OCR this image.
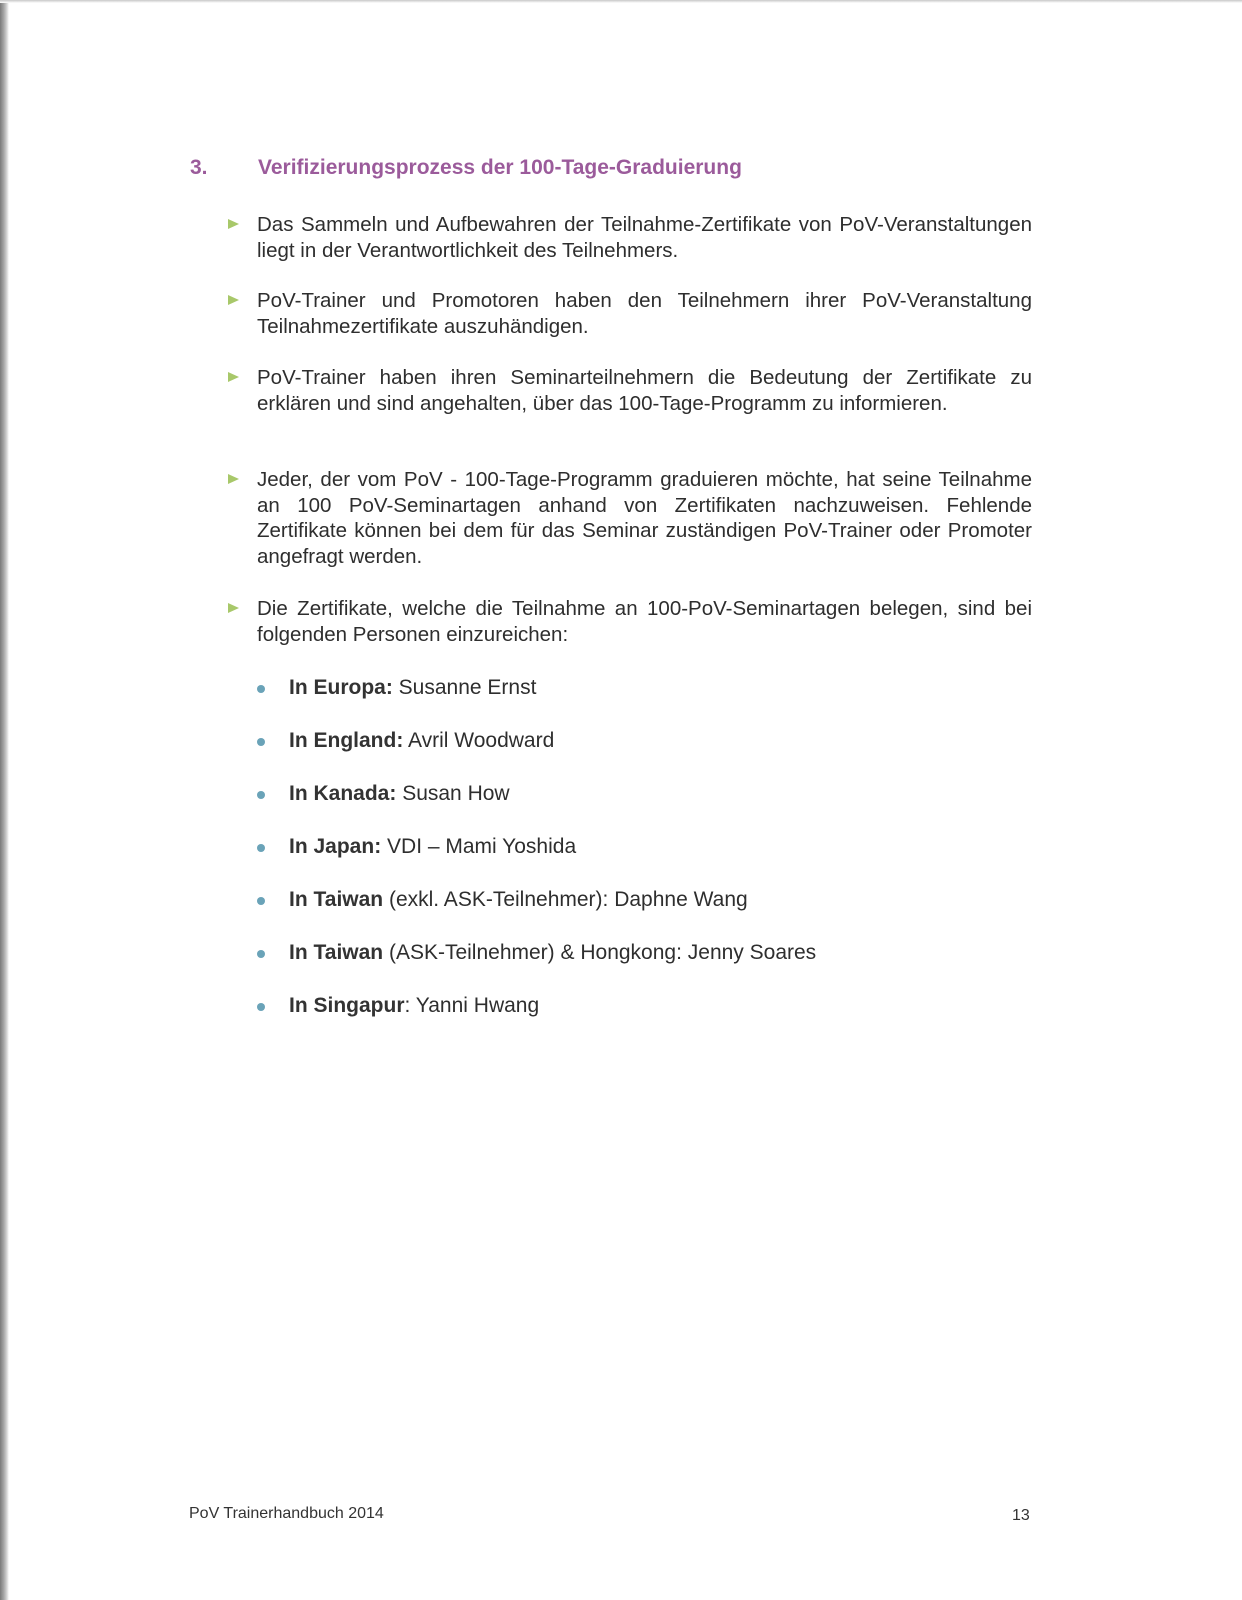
3. Verifizierungsprozess der 100-Tage-Graduierung
Das Sammeln und Aufbewahren der Teilnahme-Zertifikate von PoV-Veranstaltungen liegt in der Verantwortlichkeit des Teilnehmers.
PoV-Trainer und Promotoren haben den Teilnehmern ihrer PoV-Veranstaltung Teilnahmezertifikate auszuhändigen.
PoV-Trainer haben ihren Seminarteilnehmern die Bedeutung der Zertifikate zu erklären und sind angehalten, über das 100-Tage-Programm zu informieren.
Jeder, der vom PoV - 100-Tage-Programm graduieren möchte, hat seine Teilnahme an 100 PoV-Seminartagen anhand von Zertifikaten nachzuweisen. Fehlende Zertifikate können bei dem für das Seminar zuständigen PoV-Trainer oder Promoter angefragt werden.
Die Zertifikate, welche die Teilnahme an 100-PoV-Seminartagen belegen, sind bei folgenden Personen einzureichen:
In Europa: Susanne Ernst
In England: Avril Woodward
In Kanada: Susan How
In Japan: VDI – Mami Yoshida
In Taiwan (exkl. ASK-Teilnehmer): Daphne Wang
In Taiwan (ASK-Teilnehmer) & Hongkong: Jenny Soares
In Singapur: Yanni Hwang
PoV Trainerhandbuch 2014	13
